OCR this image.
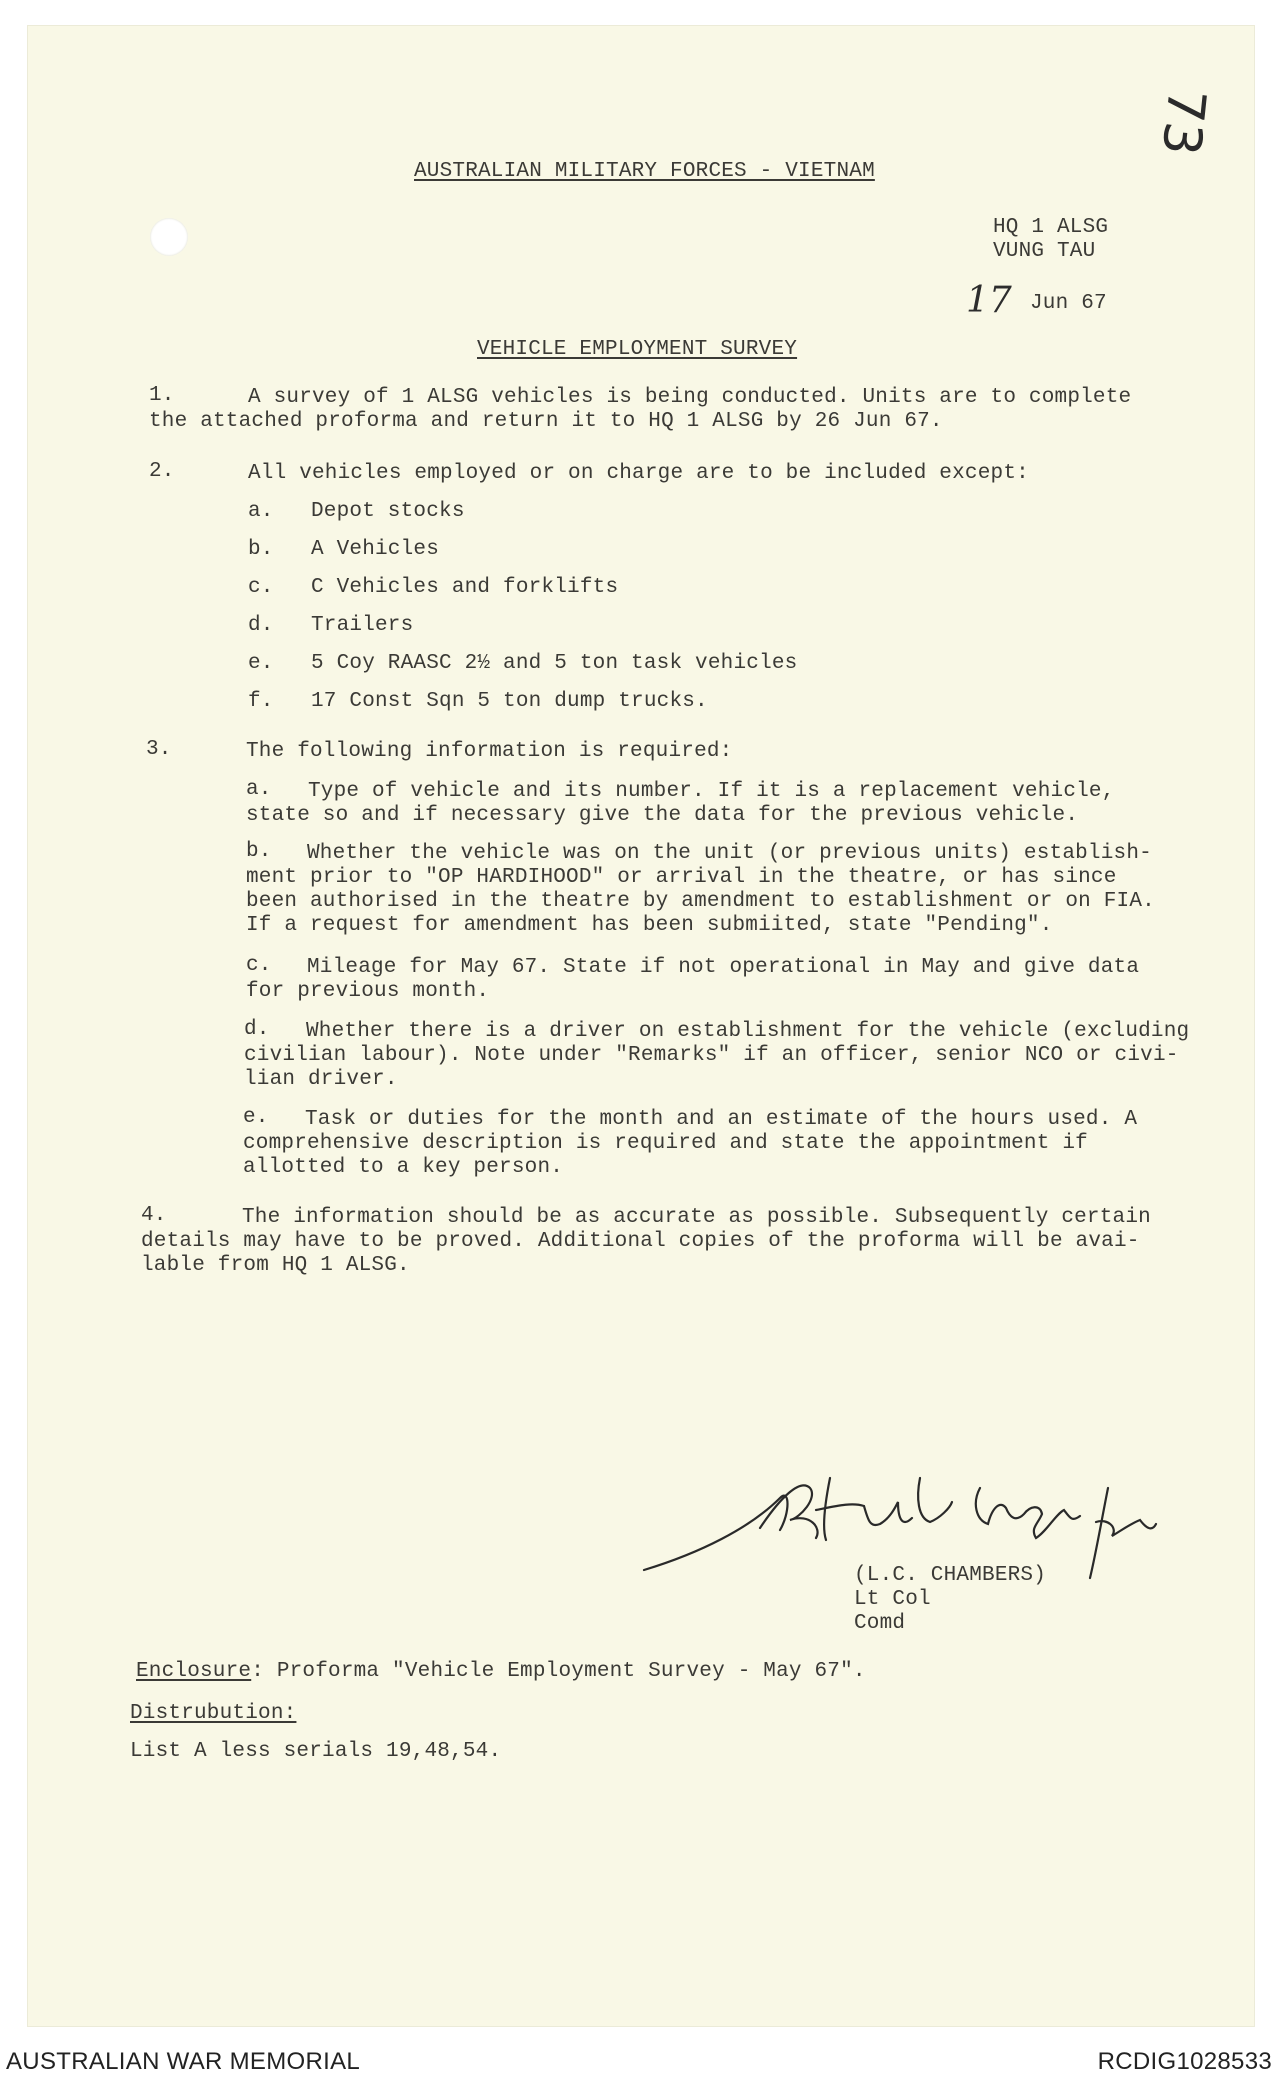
73
AUSTRALIAN MILITARY FORCES - VIETNAM
HQ 1 ALSG
VUNG TAU
17 Jun 67
VEHICLE EMPLOYMENT SURVEY
1.	A survey of 1 ALSG vehicles is being conducted. Units are to complete
the attached proforma and return it to HQ 1 ALSG by 26 Jun 67.
2.	All vehicles employed or on charge are to be included except:
a. Depot stocks
b. A Vehicles
c. C Vehicles and forklifts
d. Trailers
e. 5 Coy RAASC 2½ and 5 ton task vehicles
f. 17 Const Sqn 5 ton dump trucks.
3.	The following information is required:
a. Type of vehicle and its number. If it is a replacement vehicle,
state so and if necessary give the data for the previous vehicle.
b. Whether the vehicle was on the unit (or previous units) establish-
ment prior to "OP HARDIHOOD" or arrival in the theatre, or has since
been authorised in the theatre by amendment to establishment or on FIA.
If a request for amendment has been submiited, state "Pending".
c. Mileage for May 67. State if not operational in May and give data
for previous month.
d. Whether there is a driver on establishment for the vehicle (excluding
civilian labour). Note under "Remarks" if an officer, senior NCO or civi-
lian driver.
e. Task or duties for the month and an estimate of the hours used. A
comprehensive description is required and state the appointment if
allotted to a key person.
4.	The information should be as accurate as possible. Subsequently certain
details may have to be proved. Additional copies of the proforma will be avai-
lable from HQ 1 ALSG.
(L.C. CHAMBERS)
Lt Col
Comd
Enclosure: Proforma "Vehicle Employment Survey - May 67".
Distrubution:
List A less serials 19,48,54.
AUSTRALIAN WAR MEMORIAL	RCDIG1028533
